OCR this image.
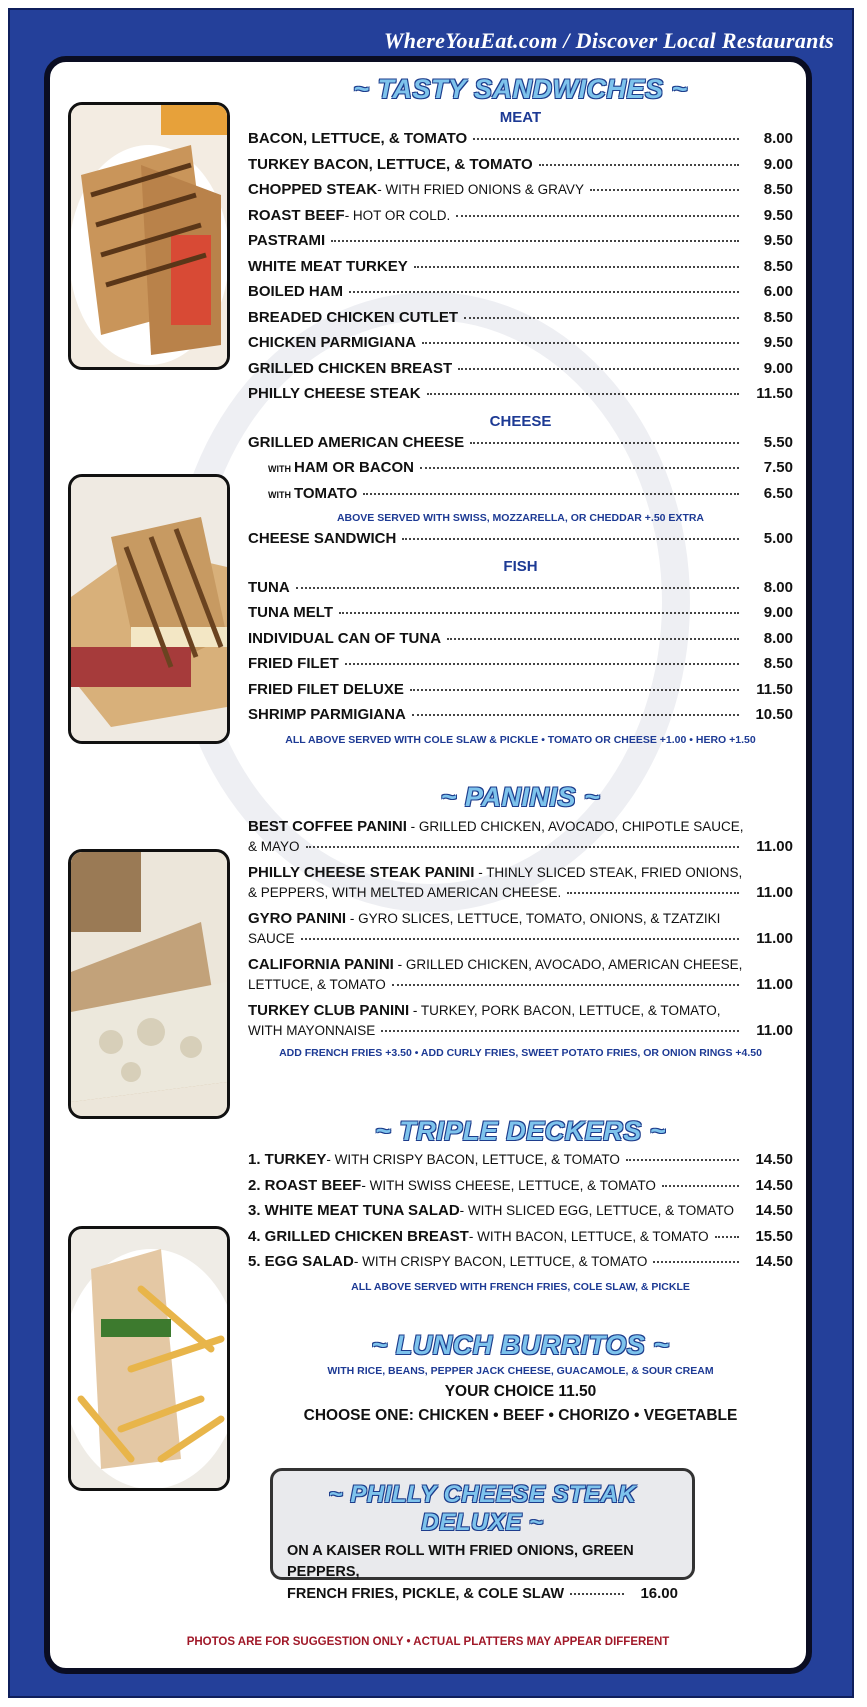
WhereYouEat.com / Discover Local Restaurants
~ TASTY SANDWICHES ~
MEAT
BACON, LETTUCE, & TOMATO	8.00
TURKEY BACON, LETTUCE, & TOMATO	9.00
CHOPPED STEAK - WITH FRIED ONIONS & GRAVY	8.50
ROAST BEEF - HOT OR COLD.	9.50
PASTRAMI	9.50
WHITE MEAT TURKEY	8.50
BOILED HAM	6.00
BREADED CHICKEN CUTLET	8.50
CHICKEN PARMIGIANA	9.50
GRILLED CHICKEN BREAST	9.00
PHILLY CHEESE STEAK	11.50
CHEESE
GRILLED AMERICAN CHEESE	5.50
WITH HAM OR BACON	7.50
WITH TOMATO	6.50
ABOVE SERVED WITH SWISS, MOZZARELLA, OR CHEDDAR +.50 EXTRA
CHEESE SANDWICH	5.00
FISH
TUNA	8.00
TUNA MELT	9.00
INDIVIDUAL CAN OF TUNA	8.00
FRIED FILET	8.50
FRIED FILET DELUXE	11.50
SHRIMP PARMIGIANA	10.50
ALL ABOVE SERVED WITH COLE SLAW & PICKLE • TOMATO OR CHEESE +1.00 • HERO +1.50
~ PANINIS ~
BEST COFFEE PANINI - GRILLED CHICKEN, AVOCADO, CHIPOTLE SAUCE,
& MAYO	11.00
PHILLY CHEESE STEAK PANINI - THINLY SLICED STEAK, FRIED ONIONS,
& PEPPERS, WITH MELTED AMERICAN CHEESE.	11.00
GYRO PANINI - GYRO SLICES, LETTUCE, TOMATO, ONIONS, & TZATZIKI
SAUCE	11.00
CALIFORNIA PANINI - GRILLED CHICKEN, AVOCADO, AMERICAN CHEESE,
LETTUCE, & TOMATO	11.00
TURKEY CLUB PANINI - TURKEY, PORK BACON, LETTUCE, & TOMATO,
WITH MAYONNAISE	11.00
ADD FRENCH FRIES +3.50 • ADD CURLY FRIES, SWEET POTATO FRIES, OR ONION RINGS +4.50
~ TRIPLE DECKERS ~
1. TURKEY - WITH CRISPY BACON, LETTUCE, & TOMATO	14.50
2. ROAST BEEF - WITH SWISS CHEESE, LETTUCE, & TOMATO	14.50
3. WHITE MEAT TUNA SALAD - WITH SLICED EGG, LETTUCE, & TOMATO	14.50
4. GRILLED CHICKEN BREAST - WITH BACON, LETTUCE, & TOMATO	15.50
5. EGG SALAD - WITH CRISPY BACON, LETTUCE, & TOMATO	14.50
ALL ABOVE SERVED WITH FRENCH FRIES, COLE SLAW, & PICKLE
~ LUNCH BURRITOS ~
WITH RICE, BEANS, PEPPER JACK CHEESE, GUACAMOLE, & SOUR CREAM
YOUR CHOICE 11.50
CHOOSE ONE: CHICKEN • BEEF • CHORIZO • VEGETABLE
~ PHILLY CHEESE STEAK DELUXE ~
ON A KAISER ROLL WITH FRIED ONIONS, GREEN PEPPERS,
FRENCH FRIES, PICKLE, & COLE SLAW	16.00
PHOTOS ARE FOR SUGGESTION ONLY • ACTUAL PLATTERS MAY APPEAR DIFFERENT
